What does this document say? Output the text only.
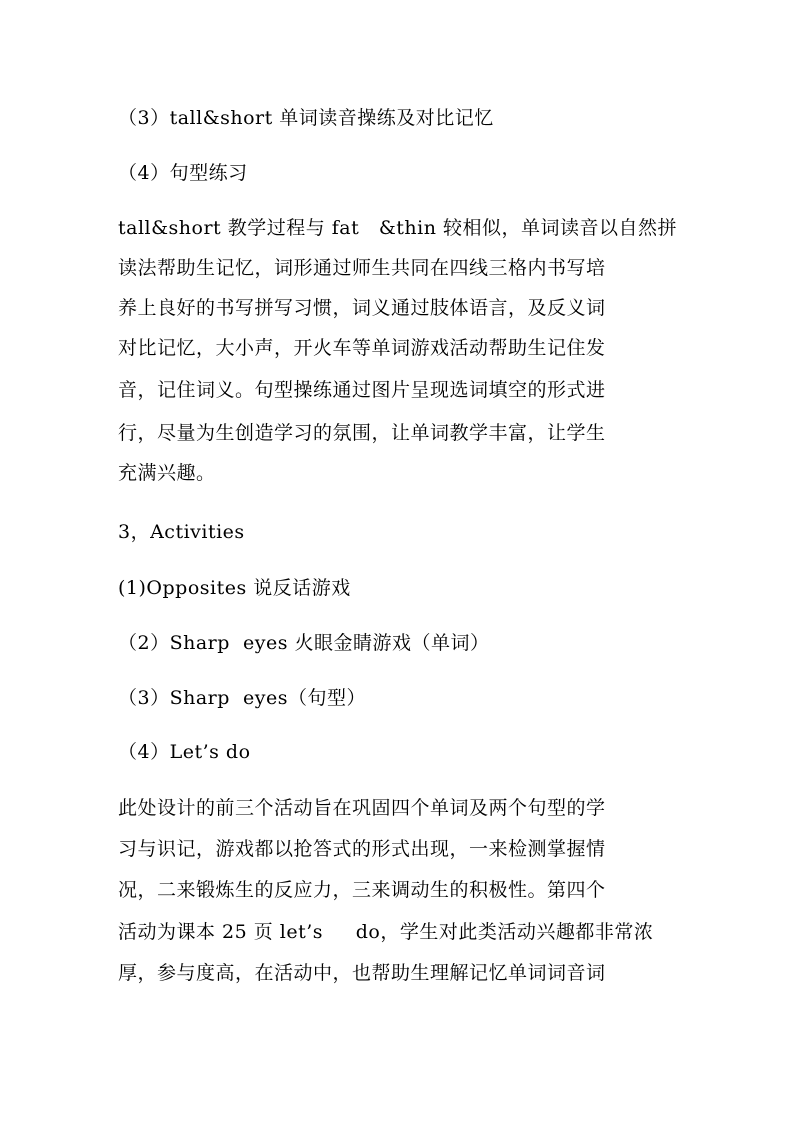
（3）tall&short 单词读音操练及对比记忆
（4）句型练习
tall&short 教学过程与 fat   &thin 较相似，单词读音以自然拼
读法帮助生记忆，词形通过师生共同在四线三格内书写培
养上良好的书写拼写习惯，词义通过肢体语言，及反义词
对比记忆，大小声，开火车等单词游戏活动帮助生记住发
音，记住词义。句型操练通过图片呈现选词填空的形式进
行，尽量为生创造学习的氛围，让单词教学丰富，让学生
充满兴趣。
3，Activities
(1)Opposites 说反话游戏
（2）Sharp  eyes 火眼金睛游戏（单词）
（3）Sharp  eyes（句型）
（4）Let’s do
此处设计的前三个活动旨在巩固四个单词及两个句型的学
习与识记，游戏都以抢答式的形式出现，一来检测掌握情
况，二来锻炼生的反应力，三来调动生的积极性。第四个
活动为课本 25 页 let’s     do，学生对此类活动兴趣都非常浓
厚，参与度高，在活动中，也帮助生理解记忆单词词音词
